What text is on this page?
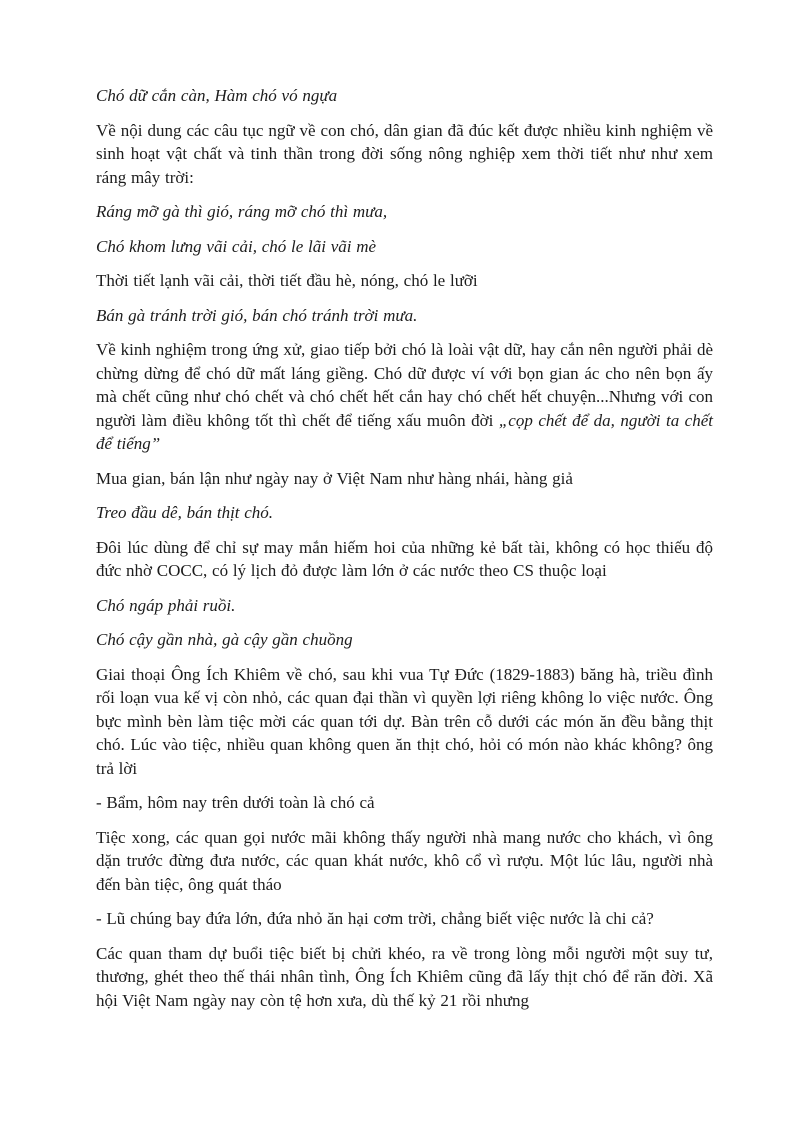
Chó dữ cắn càn, Hàm chó vó ngựa

Về nội dung các câu tục ngữ về con chó, dân gian đã đúc kết được nhiều kinh nghiệm về sinh hoạt vật chất và tinh thần trong đời sống nông nghiệp xem thời tiết như như xem ráng mây trời:

Ráng mỡ gà thì gió, ráng mỡ chó thì mưa,

Chó khom lưng vãi cải, chó le lãi vãi mè

Thời tiết lạnh vãi cải, thời tiết đầu hè, nóng, chó le lưỡi

Bán gà tránh trời gió, bán chó tránh trời mưa.

Về kinh nghiệm trong ứng xử, giao tiếp bởi chó là loài vật dữ, hay cắn nên người phải dè chừng dừng để chó dữ mất láng giềng. Chó dữ được ví với bọn gian ác cho nên bọn ấy mà chết cũng như chó chết và chó chết hết cắn hay chó chết hết chuyện...Nhưng với con người làm điều không tốt thì chết để tiếng xấu muôn đời „cọp chết để da, người ta chết để tiếng”

Mua gian, bán lận như ngày nay ở Việt Nam như hàng nhái, hàng giả

Treo đầu dê, bán thịt chó.

Đôi lúc dùng để chỉ sự may mắn hiếm hoi của những kẻ bất tài, không có học thiếu độ đức nhờ COCC, có lý lịch đỏ được làm lớn ở các nước theo CS thuộc loại

Chó ngáp phải ruồi.

Chó cậy gần nhà, gà cậy gần chuồng

Giai thoại Ông Ích Khiêm về chó, sau khi vua Tự Đức (1829-1883) băng hà, triều đình rối loạn vua kế vị còn nhỏ, các quan đại thần vì quyền lợi riêng không lo việc nước. Ông bực mình bèn làm tiệc mời các quan tới dự. Bàn trên cỗ dưới các món ăn đều bằng thịt chó. Lúc vào tiệc, nhiều quan không quen ăn thịt chó, hỏi có món nào khác không? ông trả lời

- Bẩm, hôm nay trên dưới toàn là chó cả

Tiệc xong, các quan gọi nước mãi không thấy người nhà mang nước cho khách, vì ông dặn trước đừng đưa nước, các quan khát nước, khô cổ vì rượu. Một lúc lâu, người nhà đến bàn tiệc, ông quát tháo

- Lũ chúng bay đứa lớn, đứa nhỏ ăn hại cơm trời, chẳng biết việc nước là chi cả?

Các quan tham dự buổi tiệc biết bị chửi khéo, ra về trong lòng mỗi người một suy tư, thương, ghét theo thế thái nhân tình, Ông Ích Khiêm cũng đã lấy thịt chó để răn đời. Xã hội Việt Nam ngày nay còn tệ hơn xưa, dù thế kỷ 21 rồi nhưng
